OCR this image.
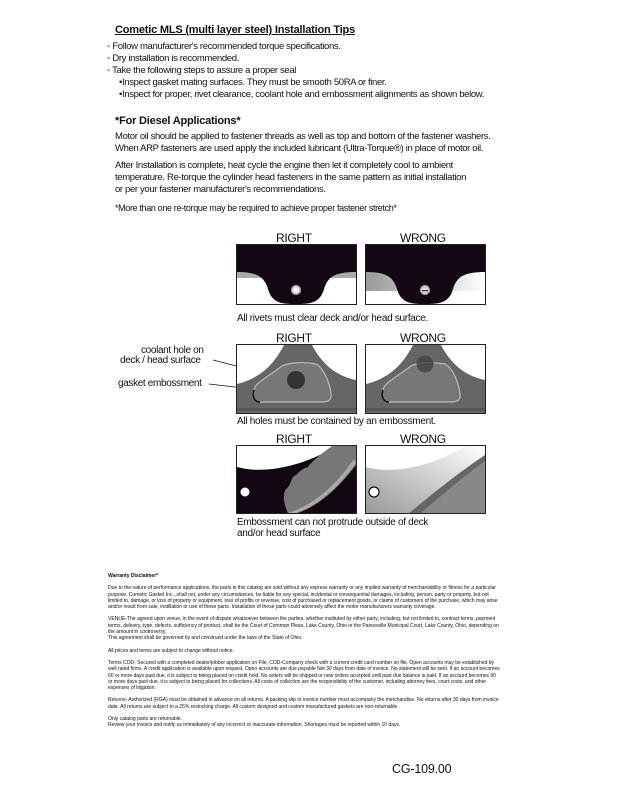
Cometic MLS (multi layer steel) Installation Tips
◦ Follow manufacturer's recommended torque specifications.
◦ Dry installation is recommended.
◦ Take the following steps to assure a proper seal
•Inspect gasket mating surfaces. They must be smooth 50RA or finer.
•Inspect for proper, rivet clearance, coolant hole and embossment alignments as shown below.
*For Diesel Applications*
Motor oil should be applied to fastener threads as well as top and bottom of the fastener washers.
When ARP fasteners are used apply the included lubricant (Ultra-Torque®) in place of motor oil.
After Installation is complete, heat cycle the engine then let it completely cool to ambient
temperature. Re-torque the cylinder head fasteners in the same pattern as initial installation
or per your fastener manufacturer's recommendations.
*More than one re-torque may be required to achieve proper fastener stretch*
RIGHT	WRONG
All rivets must clear deck and/or head surface.
RIGHT	WRONG
coolant hole on
deck / head surface
gasket embossment
All holes must be contained by an embossment.
RIGHT	WRONG
Embossment can not protrude outside of deck
and/or head surface

Warranty Disclaimer*

Due to the nature of performance applications, the parts in this catalog are sold without any express warranty or any implied warranty of merchantability or fitness for a particular purpose. Cometic Gasket Inc., shall not, under any circumstances, be liable for any special, incidental or consequential damages, including, person, party or property, but not limited to, damage, or loss of property or equipment, loss of profits or revenue, cost of purchased or replacement goods, or claims of customers of the purchase, which may arise and/or result from sale, instillation or use of these parts. Installation of these parts could adversely affect the motor manufacturers warranty coverage.

VENUE-The agreed upon venue, in the event of dispute whatsoever between the parties, whether instituted by either party, including, but not limited to, contract terms, payment terms, delivery, type, defects, sufficiency of product, shall be the Court of Common Pleas, Lake County, Ohio or the Painesville Municipal Court, Lake County, Ohio, depending on the amount in controversy.
This agreement shall be governed by and construed under the laws of the State of Ohio.

All prices and terms are subject to change without notice.

Terms COD- Secured with a completed dealer/jobber application on File, COD-Company check with a current credit card number on file. Open accounts may be established by well rated firms. A credit application is available upon request. Open accounts are due payable Net 30 days from date of invoice. No statement will be sent. If an account becomes 60 or more days past due, it is subject to being placed on credit hold. No orders will be shipped or new orders accepted until past due balance is paid. If an account becomes 90 or more days past due, it is subject to being placed for collections. All costs of collection are the responsibility of the customer, including attorney fees, court costs, and other expenses of litigation.

Returns- Authorized (RGA) must be obtained in advance on all returns. A packing slip or invoice number must accompany the merchandise. No returns after 30 days from invoice date. All returns are subject to a 25% restocking charge. All custom designed and custom manufactured gaskets are non-returnable.

Only catalog parts are returnable.
Review your invoice and notify us immediately of any incorrect or inaccurate information. Shortages must be reported within 10 days.

CG-109.00
